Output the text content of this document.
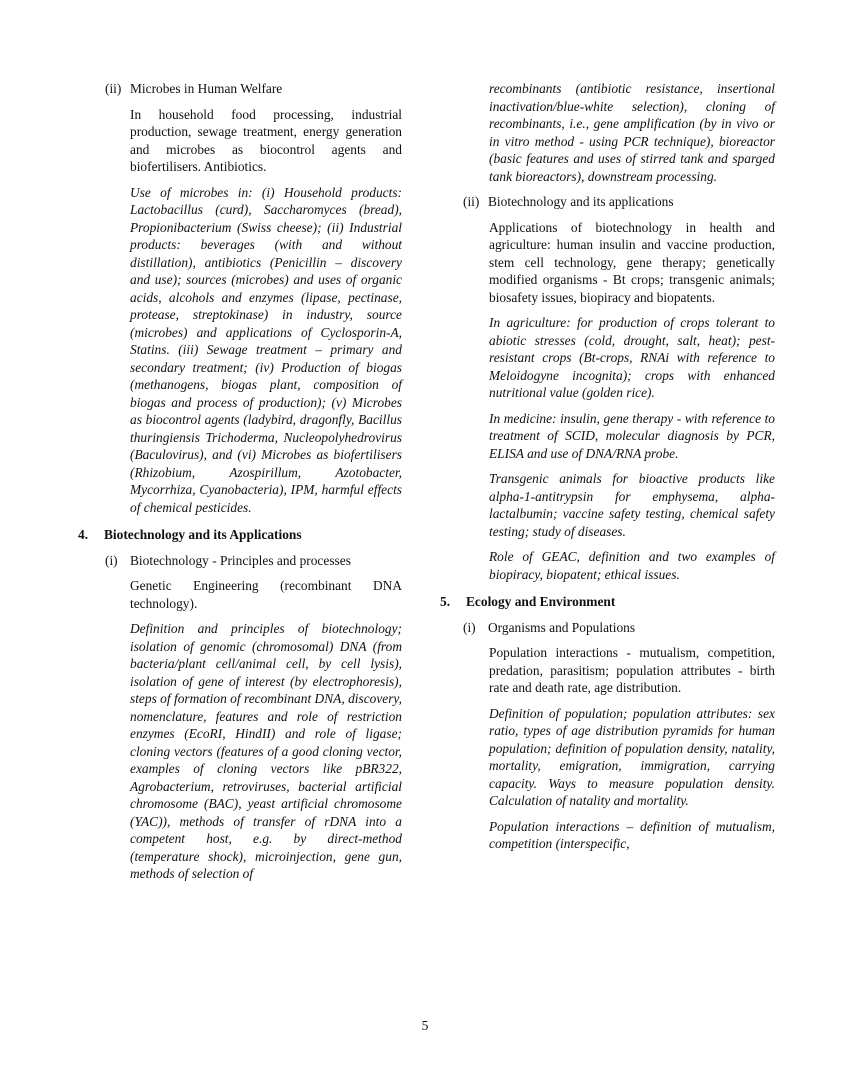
(ii) Microbes in Human Welfare
In household food processing, industrial production, sewage treatment, energy generation and microbes as biocontrol agents and biofertilisers. Antibiotics.
Use of microbes in: (i) Household products: Lactobacillus (curd), Saccharomyces (bread), Propionibacterium (Swiss cheese); (ii) Industrial products: beverages (with and without distillation), antibiotics (Penicillin – discovery and use); sources (microbes) and uses of organic acids, alcohols and enzymes (lipase, pectinase, protease, streptokinase) in industry, source (microbes) and applications of Cyclosporin-A, Statins. (iii) Sewage treatment – primary and secondary treatment; (iv) Production of biogas (methanogens, biogas plant, composition of biogas and process of production); (v) Microbes as biocontrol agents (ladybird, dragonfly, Bacillus thuringiensis Trichoderma, Nucleopolyhedrovirus (Baculovirus), and (vi) Microbes as biofertilisers (Rhizobium, Azospirillum, Azotobacter, Mycorrhiza, Cyanobacteria), IPM, harmful effects of chemical pesticides.
4.	Biotechnology and its Applications
(i) Biotechnology - Principles and processes
Genetic Engineering (recombinant DNA technology).
Definition and principles of biotechnology; isolation of genomic (chromosomal) DNA (from bacteria/plant cell/animal cell, by cell lysis), isolation of gene of interest (by electrophoresis), steps of formation of recombinant DNA, discovery, nomenclature, features and role of restriction enzymes (EcoRI, HindII) and role of ligase; cloning vectors (features of a good cloning vector, examples of cloning vectors like pBR322, Agrobacterium, retroviruses, bacterial artificial chromosome (BAC), yeast artificial chromosome (YAC)), methods of transfer of rDNA into a competent host, e.g. by direct-method (temperature shock), microinjection, gene gun, methods of selection of
recombinants (antibiotic resistance, insertional inactivation/blue-white selection), cloning of recombinants, i.e., gene amplification (by in vivo or in vitro method - using PCR technique), bioreactor (basic features and uses of stirred tank and sparged tank bioreactors), downstream processing.
(ii) Biotechnology and its applications
Applications of biotechnology in health and agriculture: human insulin and vaccine production, stem cell technology, gene therapy; genetically modified organisms - Bt crops; transgenic animals; biosafety issues, biopiracy and biopatents.
In agriculture: for production of crops tolerant to abiotic stresses (cold, drought, salt, heat); pest-resistant crops (Bt-crops, RNAi with reference to Meloidogyne incognita); crops with enhanced nutritional value (golden rice).
In medicine: insulin, gene therapy - with reference to treatment of SCID, molecular diagnosis by PCR, ELISA and use of DNA/RNA probe.
Transgenic animals for bioactive products like alpha-1-antitrypsin for emphysema, alpha-lactalbumin; vaccine safety testing, chemical safety testing; study of diseases.
Role of GEAC, definition and two examples of biopiracy, biopatent; ethical issues.
5.	Ecology and Environment
(i) Organisms and Populations
Population interactions - mutualism, competition, predation, parasitism; population attributes - birth rate and death rate, age distribution.
Definition of population; population attributes: sex ratio, types of age distribution pyramids for human population; definition of population density, natality, mortality, emigration, immigration, carrying capacity. Ways to measure population density. Calculation of natality and mortality.
Population interactions – definition of mutualism, competition (interspecific,
5
